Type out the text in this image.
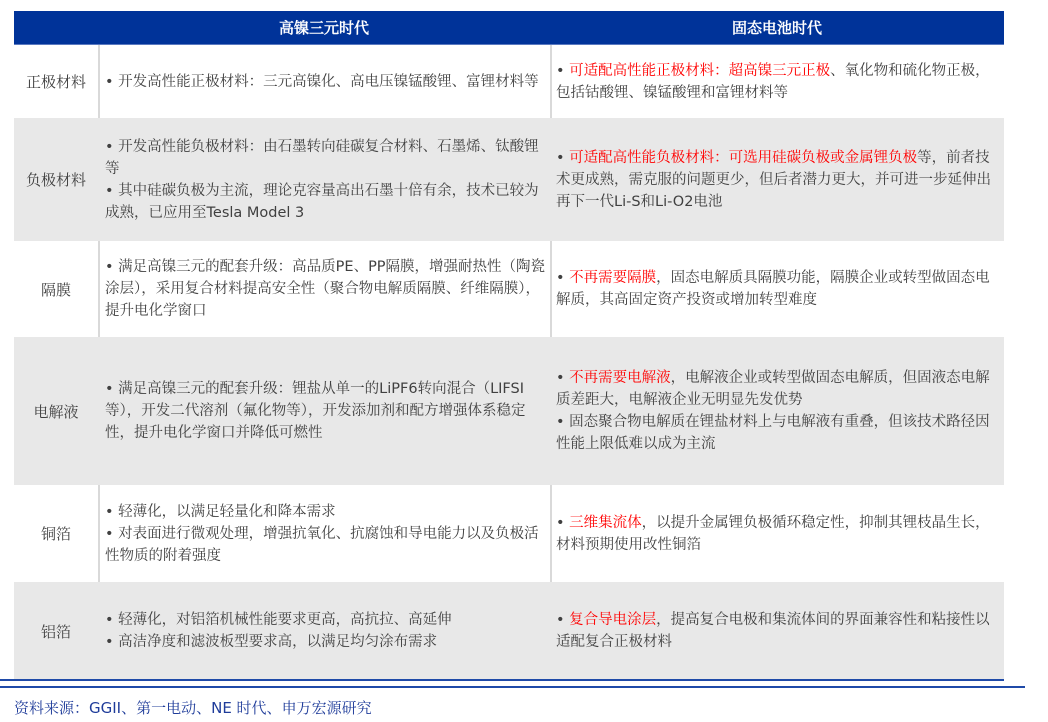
高镍三元时代	固态电池时代
正极材料	• 开发高性能正极材料：三元高镍化、高电压镍锰酸锂、富锂材料等
• 可适配高性能正极材料：超高镍三元正极、氧化物和硫化物正极，包括钴酸锂、镍锰酸锂和富锂材料等
负极材料
• 开发高性能负极材料：由石墨转向硅碳复合材料、石墨烯、钛酸锂等
• 其中硅碳负极为主流，理论克容量高出石墨十倍有余，技术已较为成熟，已应用至Tesla Model 3
• 可适配高性能负极材料：可选用硅碳负极或金属锂负极等，前者技术更成熟，需克服的问题更少，但后者潜力更大，并可进一步延伸出再下一代Li-S和Li-O2电池
隔膜
• 满足高镍三元的配套升级：高品质PE、PP隔膜，增强耐热性（陶瓷涂层），采用复合材料提高安全性（聚合物电解质隔膜、纤维隔膜），提升电化学窗口
• 不再需要隔膜，固态电解质具隔膜功能，隔膜企业或转型做固态电解质，其高固定资产投资或增加转型难度
电解液
• 满足高镍三元的配套升级：锂盐从单一的LiPF6转向混合（LIFSI等），开发二代溶剂（氟化物等），开发添加剂和配方增强体系稳定性，提升电化学窗口并降低可燃性
• 不再需要电解液，电解液企业或转型做固态电解质，但固液态电解质差距大，电解液企业无明显先发优势
• 固态聚合物电解质在锂盐材料上与电解液有重叠，但该技术路径因性能上限低难以成为主流
铜箔
• 轻薄化，以满足轻量化和降本需求
• 对表面进行微观处理，增强抗氧化、抗腐蚀和导电能力以及负极活性物质的附着强度
• 三维集流体，以提升金属锂负极循环稳定性，抑制其锂枝晶生长，材料预期使用改性铜箔
铝箔
• 轻薄化，对铝箔机械性能要求更高，高抗拉、高延伸
• 高洁净度和滤波板型要求高，以满足均匀涂布需求
• 复合导电涂层，提高复合电极和集流体间的界面兼容性和粘接性以适配复合正极材料
资料来源：GGII、第一电动、NE 时代、申万宏源研究
